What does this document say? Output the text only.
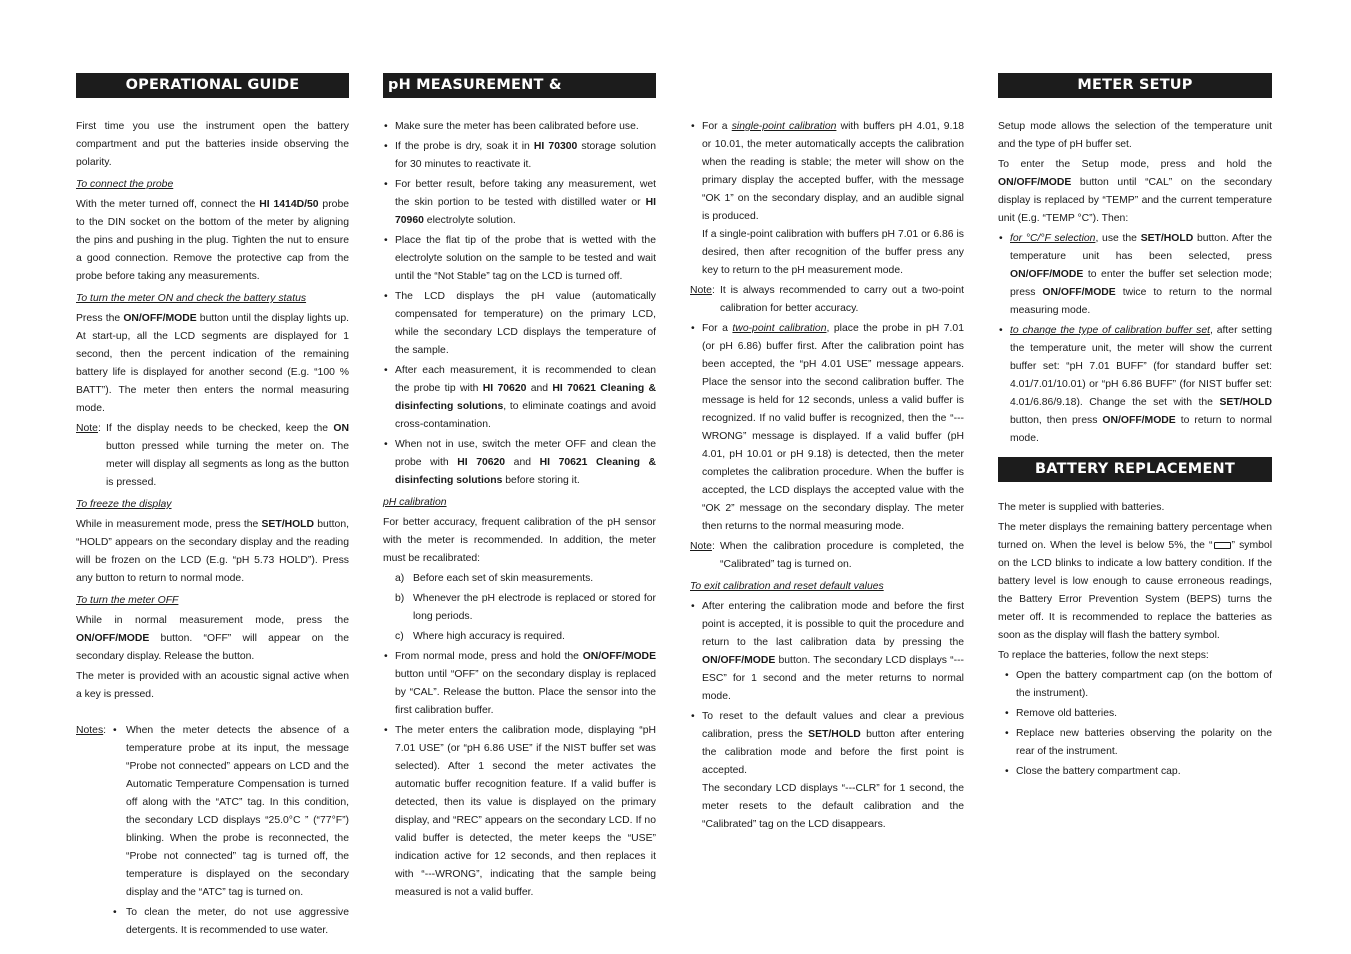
OPERATIONAL GUIDE

First time you use the instrument open the battery compartment and put the batteries inside observing the polarity.

To connect the probe

With the meter turned off, connect the HI 1414D/50 probe to the DIN socket on the bottom of the meter by aligning the pins and pushing in the plug. Tighten the nut to ensure a good connection. Remove the protective cap from the probe before taking any measurements.

To turn the meter ON and check the battery status

Press the ON/OFF/MODE button until the display lights up. At start-up, all the LCD segments are displayed for 1 second, then the percent indication of the remaining battery life is displayed for another second (E.g. “100 % BATT”). The meter then enters the normal measuring mode.

Note: If the display needs to be checked, keep the ON button pressed while turning the meter on. The meter will display all segments as long as the button is pressed.
To freeze the display

While in measurement mode, press the SET/HOLD button, “HOLD” appears on the secondary display and the reading will be frozen on the LCD (E.g. “pH 5.73 HOLD”). Press any button to return to normal mode.

To turn the meter OFF

While in normal measurement mode, press the ON/OFF/MODE button. “OFF” will appear on the secondary display. Release the button.

The meter is provided with an acoustic signal active when a key is pressed.

Notes:
• When the meter detects the absence of a temperature probe at its input, the message “Probe not connected” appears on LCD and the Automatic Temperature Compensation is turned off along with the “ATC” tag. In this condition, the secondary LCD displays “25.0°C ” (“77°F”) blinking. When the probe is reconnected, the “Probe not connected” tag is turned off, the temperature is displayed on the secondary display and the “ATC” tag is turned on.
• To clean the meter, do not use aggressive detergents. It is recommended to use water.
pH MEASUREMENT & CALIBRATION
• Make sure the meter has been calibrated before use.
• If the probe is dry, soak it in HI 70300 storage solution for 30 minutes to reactivate it.
• For better result, before taking any measurement, wet the skin portion to be tested with distilled water or HI 70960 electrolyte solution.
• Place the flat tip of the probe that is wetted with the electrolyte solution on the sample to be tested and wait until the “Not Stable” tag on the LCD is turned off.
• The LCD displays the pH value (automatically compensated for temperature) on the primary LCD, while the secondary LCD displays the temperature of the sample.
• After each measurement, it is recommended to clean the probe tip with HI 70620 and HI 70621 Cleaning & disinfecting solutions, to eliminate coatings and avoid cross-contamination.
• When not in use, switch the meter OFF and clean the probe with HI 70620 and HI 70621 Cleaning & disinfecting solutions before storing it.
pH calibration

For better accuracy, frequent calibration of the pH sensor with the meter is recommended. In addition, the meter must be recalibrated:

a) Before each set of skin measurements.
b) Whenever the pH electrode is replaced or stored for long periods.
c) Where high accuracy is required.
• From normal mode, press and hold the ON/OFF/MODE button until “OFF” on the secondary display is replaced by “CAL”. Release the button. Place the sensor into the first calibration buffer.
• The meter enters the calibration mode, displaying “pH 7.01 USE” (or “pH 6.86 USE” if the NIST buffer set was selected). After 1 second the meter activates the automatic buffer recognition feature. If a valid buffer is detected, then its value is displayed on the primary display, and “REC” appears on the secondary LCD. If no valid buffer is detected, the meter keeps the “USE” indication active for 12 seconds, and then replaces it with “---WRONG”, indicating that the sample being measured is not a valid buffer.
• For a single-point calibration with buffers pH 4.01, 9.18 or 10.01, the meter automatically accepts the calibration when the reading is stable; the meter will show on the primary display the accepted buffer, with the message “OK 1” on the secondary display, and an audible signal is produced.

If a single-point calibration with buffers pH 7.01 or 6.86 is desired, then after recognition of the buffer press any key to return to the pH measurement mode.
Note: It is always recommended to carry out a two-point calibration for better accuracy.
• For a two-point calibration, place the probe in pH 7.01 (or pH 6.86) buffer first. After the calibration point has been accepted, the “pH 4.01 USE” message appears. Place the sensor into the second calibration buffer. The message is held for 12 seconds, unless a valid buffer is recognized. If no valid buffer is recognized, then the “---WRONG” message is displayed. If a valid buffer (pH 4.01, pH 10.01 or pH 9.18) is detected, then the meter completes the calibration procedure. When the buffer is accepted, the LCD displays the accepted value with the “OK 2” message on the secondary display. The meter then returns to the normal measuring mode.
Note: When the calibration procedure is completed, the “Calibrated” tag is turned on.
To exit calibration and reset default values
• After entering the calibration mode and before the first point is accepted, it is possible to quit the procedure and return to the last calibration data by pressing the ON/OFF/MODE button. The secondary LCD displays “---ESC” for 1 second and the meter returns to normal mode.
• To reset to the default values and clear a previous calibration, press the SET/HOLD button after entering the calibration mode and before the first point is accepted.

The secondary LCD displays “---CLR” for 1 second, the meter resets to the default calibration and the “Calibrated” tag on the LCD disappears.
METER SETUP

Setup mode allows the selection of the temperature unit and the type of pH buffer set.

To enter the Setup mode, press and hold the ON/OFF/MODE button until “CAL” on the secondary display is replaced by “TEMP” and the current temperature unit (E.g. “TEMP °C”). Then:

• for °C/°F selection, use the SET/HOLD button. After the temperature unit has been selected, press ON/OFF/MODE to enter the buffer set selection mode; press ON/OFF/MODE twice to return to the normal measuring mode.
• to change the type of calibration buffer set, after setting the temperature unit, the meter will show the current buffer set: “pH 7.01 BUFF” (for standard buffer set: 4.01/7.01/10.01) or “pH 6.86 BUFF” (for NIST buffer set: 4.01/6.86/9.18). Change the set with the SET/HOLD button, then press ON/OFF/MODE to return to normal mode.
BATTERY REPLACEMENT

The meter is supplied with batteries.

The meter displays the remaining battery percentage when turned on. When the level is below 5%, the “ ” symbol on the LCD blinks to indicate a low battery condition. If the battery level is low enough to cause erroneous readings, the Battery Error Prevention System (BEPS) turns the meter off. It is recommended to replace the batteries as soon as the display will flash the battery symbol.

To replace the batteries, follow the next steps:

• Open the battery compartment cap (on the bottom of the instrument).
• Remove old batteries.
• Replace new batteries observing the polarity on the rear of the instrument.
• Close the battery compartment cap.
